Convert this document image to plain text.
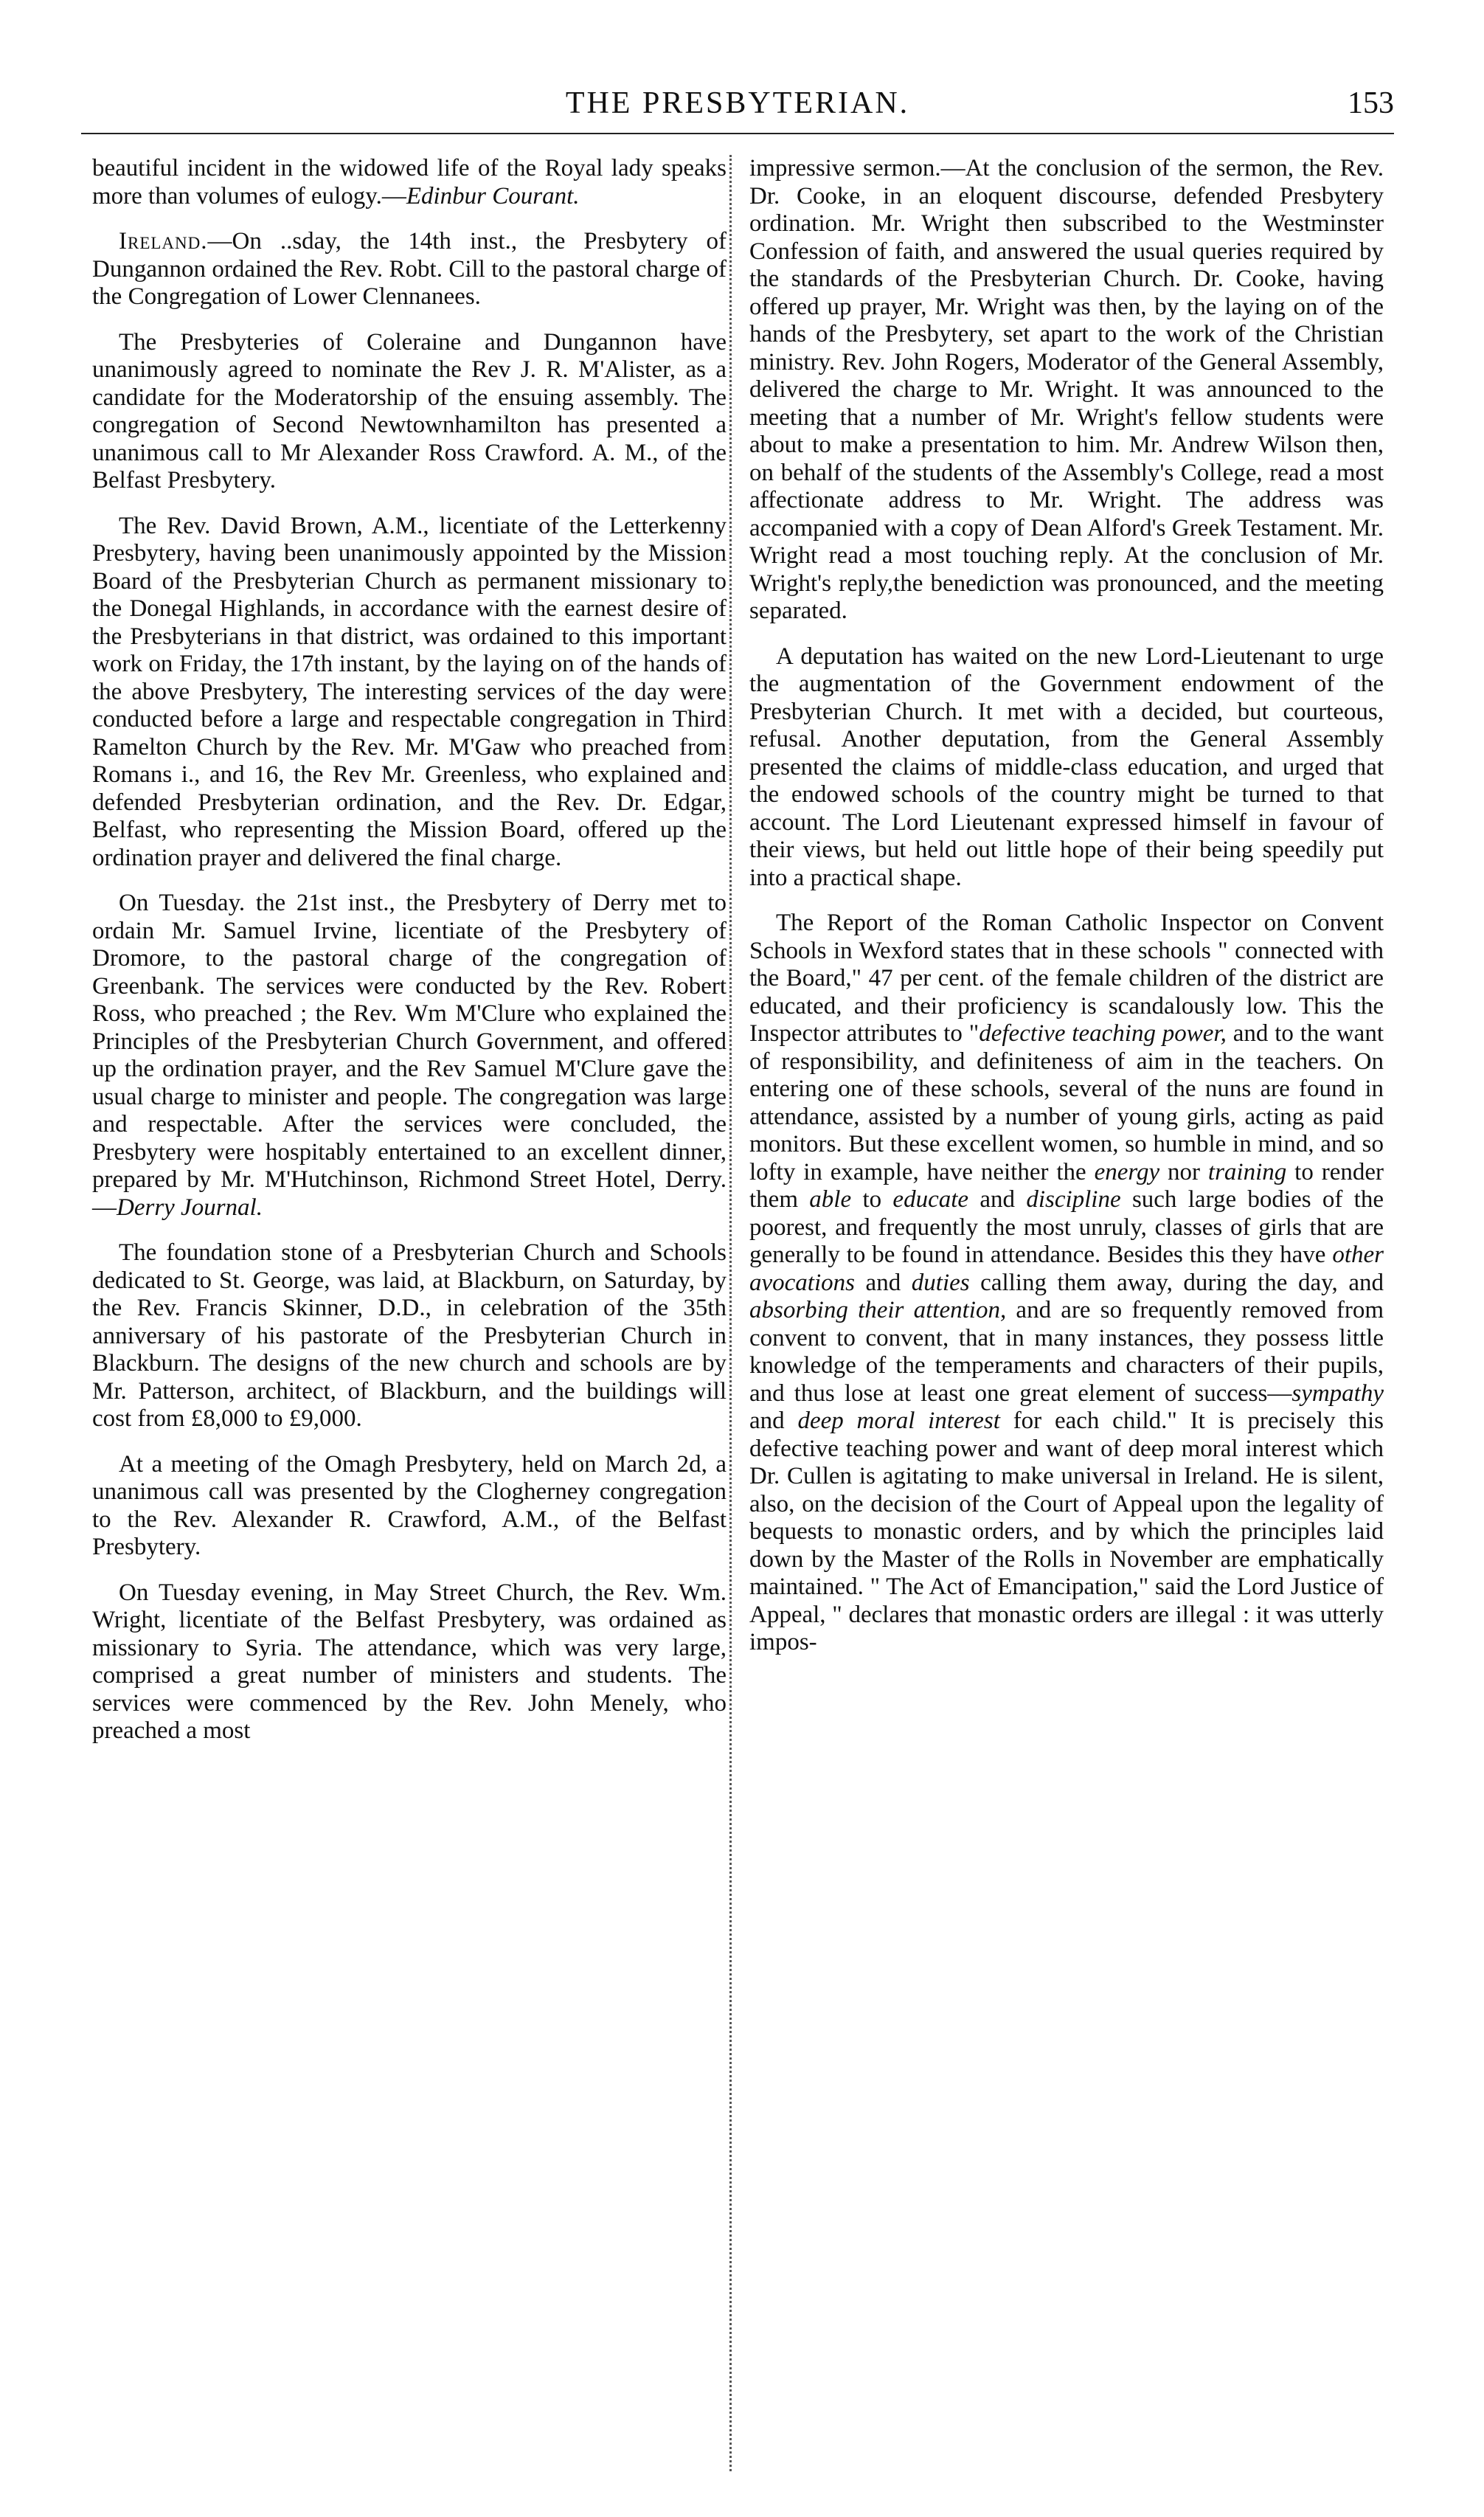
THE PRESBYTERIAN.	153

beautiful incident in the widowed life of the Royal lady speaks more than volumes of eulogy.—Edinbur Courant.

Ireland.—On ..sday, the 14th inst., the Presbytery of Dungannon ordained the Rev. Robt. Cill to the pastoral charge of the Congregation of Lower Clennanees.

The Presbyteries of Coleraine and Dungannon have unanimously agreed to nominate the Rev J. R. M'Alister, as a candidate for the Moderatorship of the ensuing assembly. The congregation of Second Newtownhamilton has presented a unanimous call to Mr Alexander Ross Crawford. A. M., of the Belfast Presbytery.

The Rev. David Brown, A.M., licentiate of the Letterkenny Presbytery, having been unanimously appointed by the Mission Board of the Presbyterian Church as permanent missionary to the Donegal Highlands, in accordance with the earnest desire of the Presbyterians in that district, was ordained to this important work on Friday, the 17th instant, by the laying on of the hands of the above Presbytery, The interesting services of the day were conducted before a large and respectable congregation in Third Ramelton Church by the Rev. Mr. M'Gaw who preached from Romans i., and 16, the Rev Mr. Greenless, who explained and defended Presbyterian ordination, and the Rev. Dr. Edgar, Belfast, who representing the Mission Board, offered up the ordination prayer and delivered the final charge.

On Tuesday. the 21st inst., the Presbytery of Derry met to ordain Mr. Samuel Irvine, licentiate of the Presbytery of Dromore, to the pastoral charge of the congregation of Greenbank. The services were conducted by the Rev. Robert Ross, who preached ; the Rev. Wm M'Clure who explained the Principles of the Presbyterian Church Government, and offered up the ordination prayer, and the Rev Samuel M'Clure gave the usual charge to minister and people. The congregation was large and respectable. After the services were concluded, the Presbytery were hospitably entertained to an excellent dinner, prepared by Mr. M'Hutchinson, Richmond Street Hotel, Derry.—Derry Journal.

The foundation stone of a Presbyterian Church and Schools dedicated to St. George, was laid, at Blackburn, on Saturday, by the Rev. Francis Skinner, D.D., in celebration of the 35th anniversary of his pastorate of the Presbyterian Church in Blackburn. The designs of the new church and schools are by Mr. Patterson, architect, of Blackburn, and the buildings will cost from £8,000 to £9,000.

At a meeting of the Omagh Presbytery, held on March 2d, a unanimous call was presented by the Clogherney congregation to the Rev. Alexander R. Crawford, A.M., of the Belfast Presbytery.

On Tuesday evening, in May Street Church, the Rev. Wm. Wright, licentiate of the Belfast Presbytery, was ordained as missionary to Syria. The attendance, which was very large, comprised a great number of ministers and students. The services were commenced by the Rev. John Menely, who preached a most

impressive sermon.—At the conclusion of the sermon, the Rev. Dr. Cooke, in an eloquent discourse, defended Presbytery ordination. Mr. Wright then subscribed to the Westminster Confession of faith, and answered the usual queries required by the standards of the Presbyterian Church. Dr. Cooke, having offered up prayer, Mr. Wright was then, by the laying on of the hands of the Presbytery, set apart to the work of the Christian ministry. Rev. John Rogers, Moderator of the General Assembly, delivered the charge to Mr. Wright. It was announced to the meeting that a number of Mr. Wright's fellow students were about to make a presentation to him. Mr. Andrew Wilson then, on behalf of the students of the Assembly's College, read a most affectionate address to Mr. Wright. The address was accompanied with a copy of Dean Alford's Greek Testament. Mr. Wright read a most touching reply. At the conclusion of Mr. Wright's reply,the benediction was pronounced, and the meeting separated.

A deputation has waited on the new Lord-Lieutenant to urge the augmentation of the Government endowment of the Presbyterian Church. It met with a decided, but courteous, refusal. Another deputation, from the General Assembly presented the claims of middle-class education, and urged that the endowed schools of the country might be turned to that account. The Lord Lieutenant expressed himself in favour of their views, but held out little hope of their being speedily put into a practical shape.

The Report of the Roman Catholic Inspector on Convent Schools in Wexford states that in these schools " connected with the Board," 47 per cent. of the female children of the district are educated, and their proficiency is scandalously low. This the Inspector attributes to "defective teaching power, and to the want of responsibility, and definiteness of aim in the teachers. On entering one of these schools, several of the nuns are found in attendance, assisted by a number of young girls, acting as paid monitors. But these excellent women, so humble in mind, and so lofty in example, have neither the energy nor training to render them able to educate and discipline such large bodies of the poorest, and frequently the most unruly, classes of girls that are generally to be found in attendance. Besides this they have other avocations and duties calling them away, during the day, and absorbing their attention, and are so frequently removed from convent to convent, that in many instances, they possess little knowledge of the temperaments and characters of their pupils, and thus lose at least one great element of success—sympathy and deep moral interest for each child." It is precisely this defective teaching power and want of deep moral interest which Dr. Cullen is agitating to make universal in Ireland. He is silent, also, on the decision of the Court of Appeal upon the legality of bequests to monastic orders, and by which the principles laid down by the Master of the Rolls in November are emphatically maintained. " The Act of Emancipation," said the Lord Justice of Appeal, " declares that monastic orders are illegal : it was utterly impos-
